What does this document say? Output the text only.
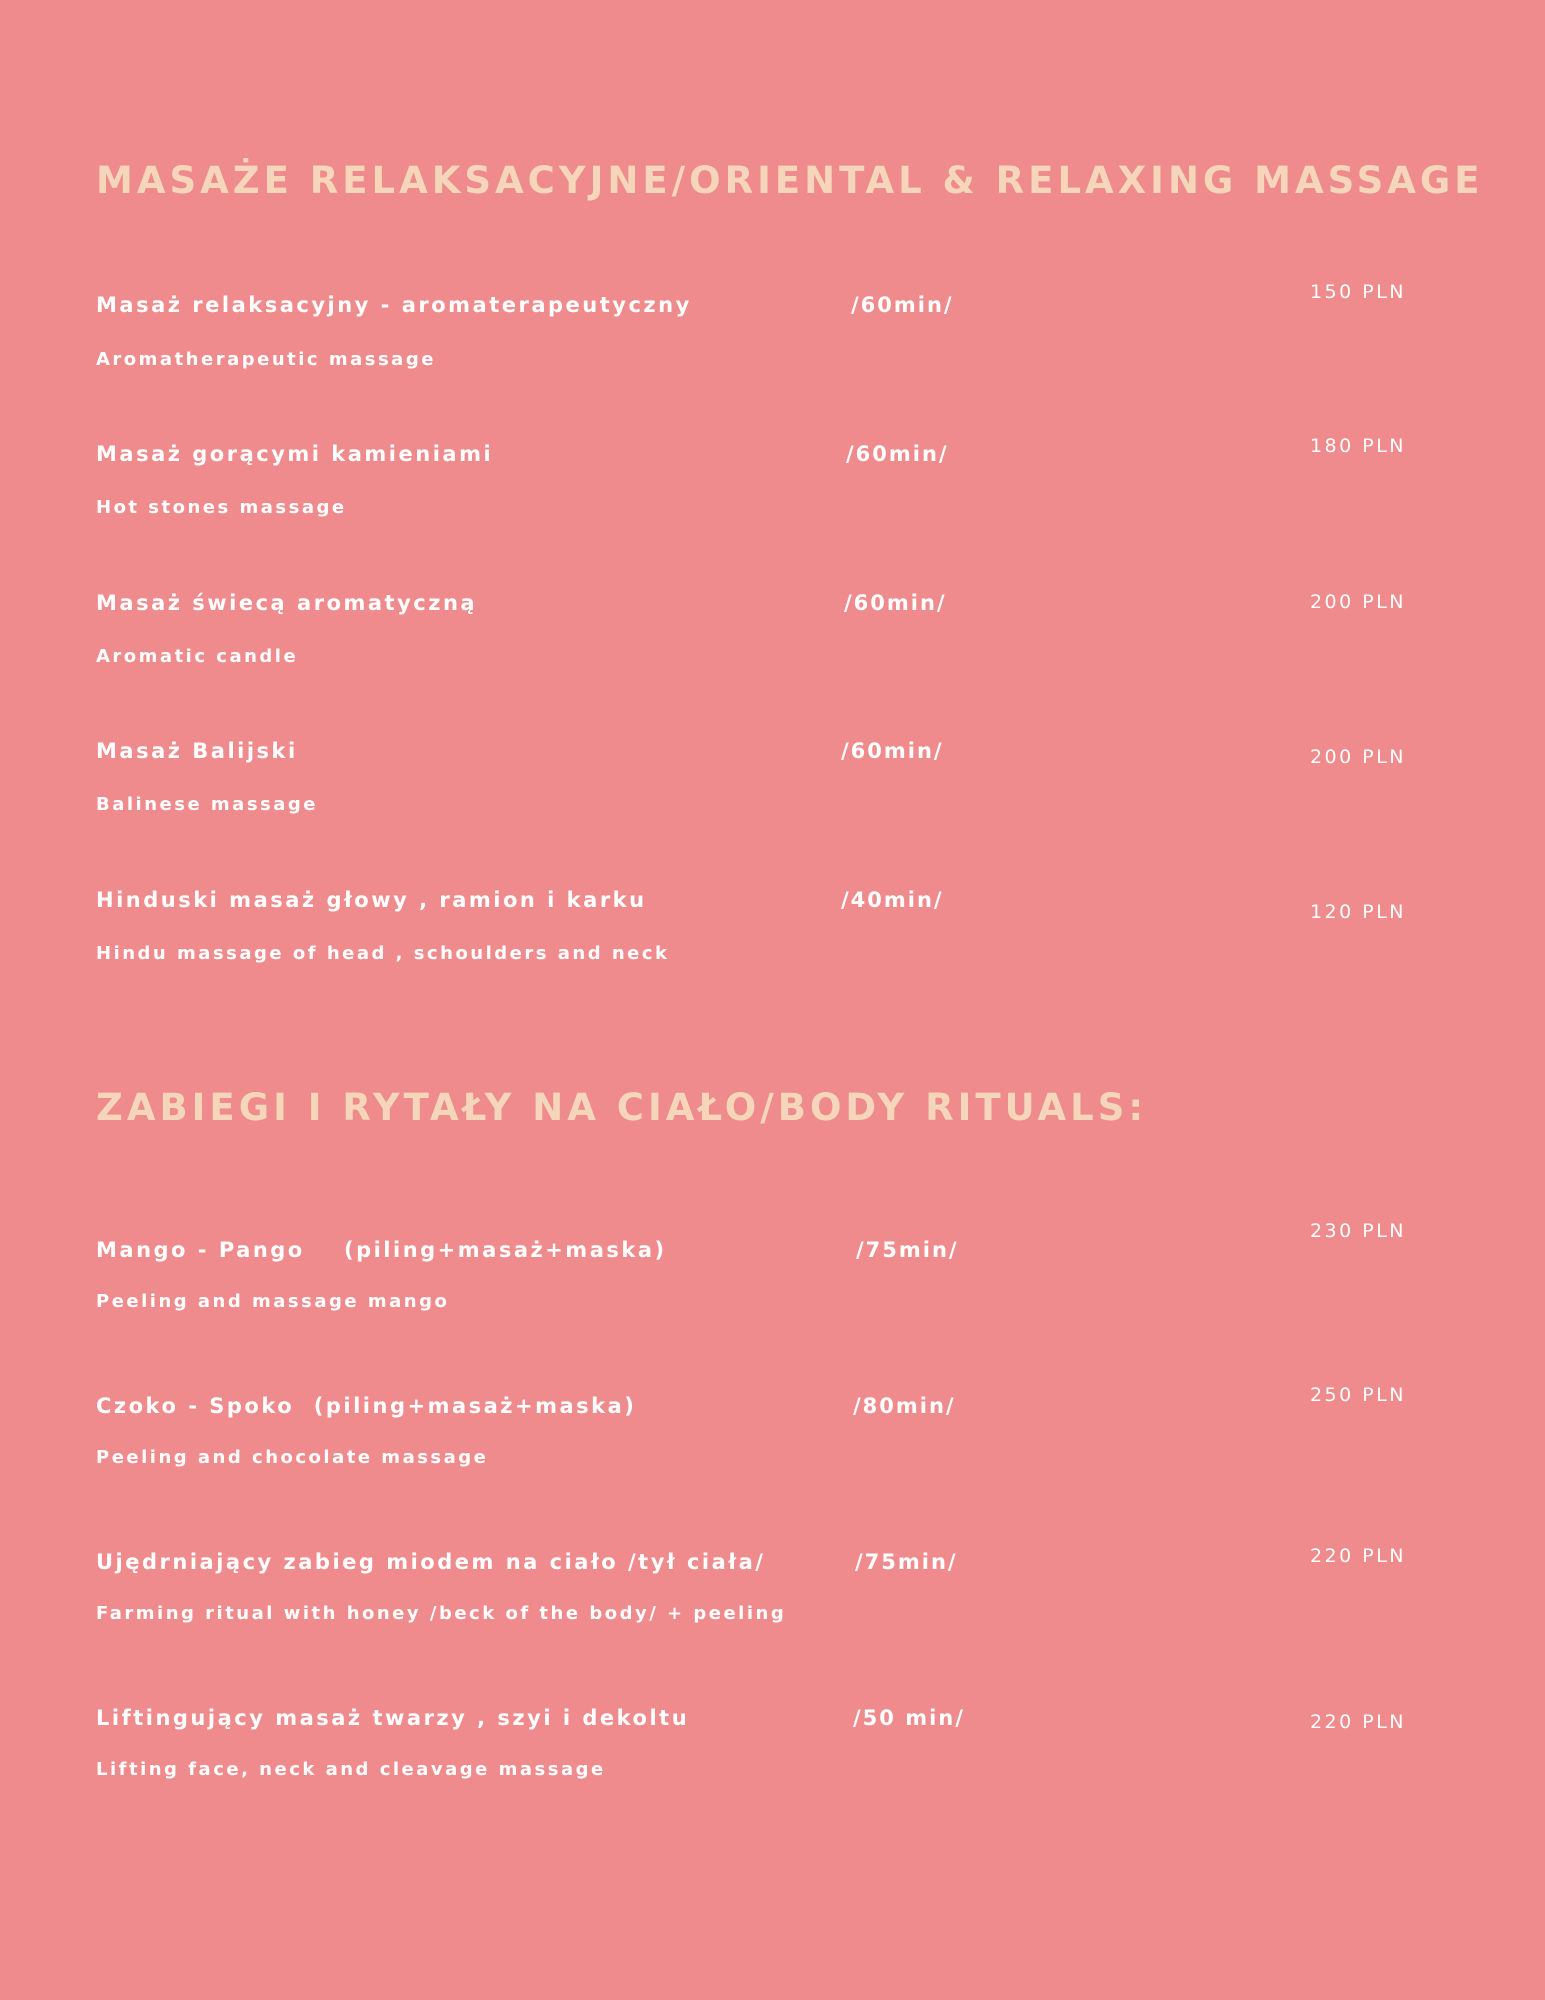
MASAŻE RELAKSACYJNE/ORIENTAL & RELAXING MASSAGE
Masaż relaksacyjny - aromaterapeutyczny
Aromatherapeutic massage
/60min/
150 PLN
Masaż gorącymi kamieniami
Hot stones massage
/60min/	180 PLN
Masaż świecą aromatyczną
Aromatic candle
/60min/	200 PLN
Masaż Balijski
Balinese massage
/60min/	200 PLN
Hinduski masaż głowy , ramion i karku
Hindu massage of head , schoulders and neck
/40min/	120 PLN
ZABIEGI I RYTAŁY NA CIAŁO/BODY RITUALS:
Mango - Pango    (piling+masaż+maska)
Peeling and massage mango
/75min/
230 PLN
Czoko - Spoko  (piling+masaż+maska)
Peeling and chocolate massage
/80min/	250 PLN
Ujędrniający zabieg miodem na ciało /tył ciała/
Farming ritual with honey /beck of the body/ + peeling
/75min/	220 PLN
Liftingujący masaż twarzy , szyi i dekoltu
Lifting face, neck and cleavage massage
/50 min/	220 PLN
